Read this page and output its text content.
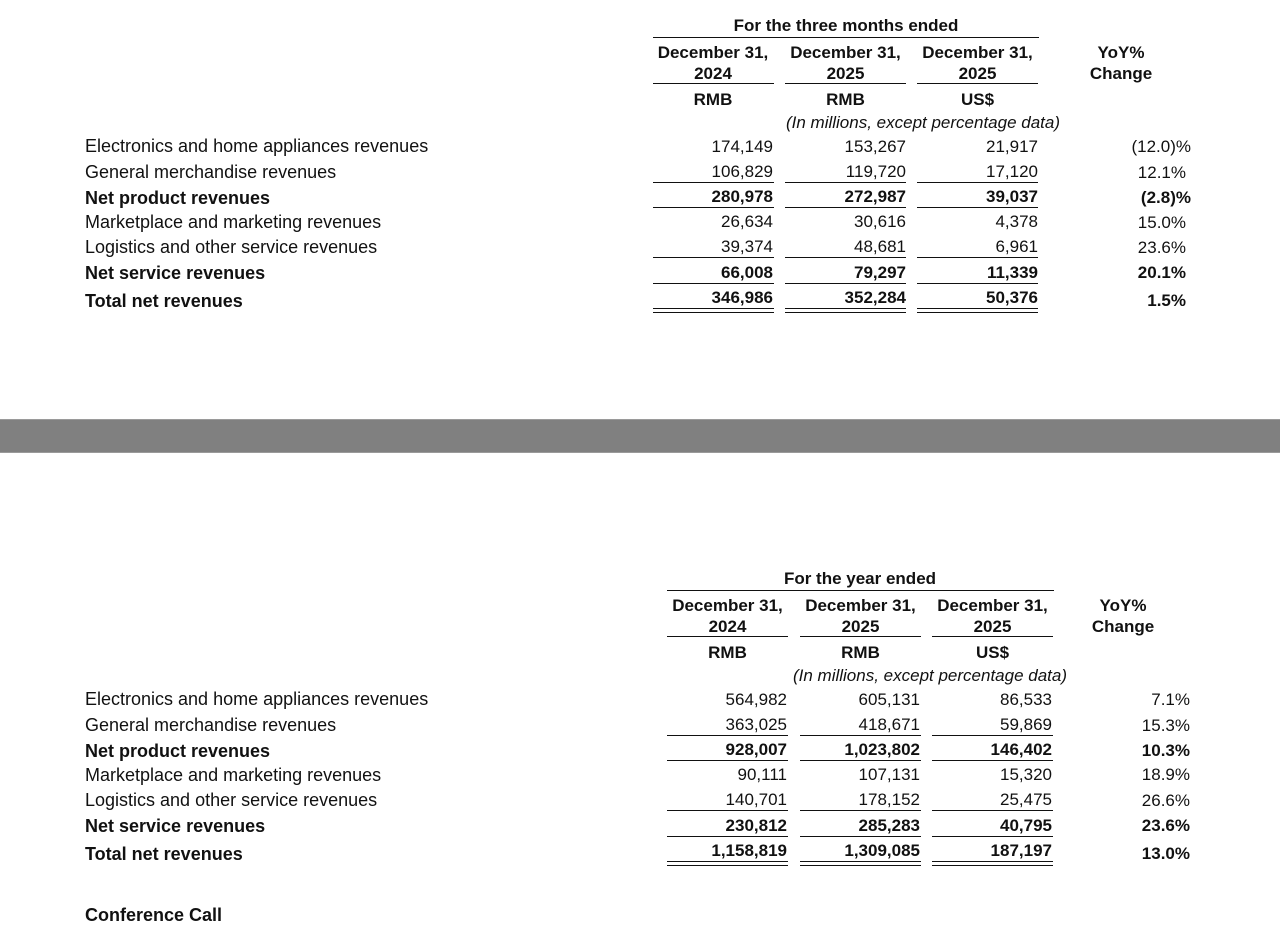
For the three months ended
December 31,
2024
December 31,
2025
December 31,
2025
YoY%
Change
RMB	RMB	US$
(In millions, except percentage data)
Electronics and home appliances revenues	174,149	153,267	21,917	(12.0)%
General merchandise revenues	106,829	119,720	17,120	12.1%
Net product revenues	280,978	272,987	39,037	(2.8)%
Marketplace and marketing revenues	26,634	30,616	4,378	15.0%
Logistics and other service revenues	39,374	48,681	6,961	23.6%
Net service revenues	66,008	79,297	11,339	20.1%
Total net revenues	346,986	352,284	50,376	1.5%
For the year ended
December 31,
2024
December 31,
2025
December 31,
2025
YoY%
Change
RMB	RMB	US$
(In millions, except percentage data)
Electronics and home appliances revenues	564,982	605,131	86,533	7.1%
General merchandise revenues	363,025	418,671	59,869	15.3%
Net product revenues	928,007	1,023,802	146,402	10.3%
Marketplace and marketing revenues	90,111	107,131	15,320	18.9%
Logistics and other service revenues	140,701	178,152	25,475	26.6%
Net service revenues	230,812	285,283	40,795	23.6%
Total net revenues	1,158,819	1,309,085	187,197	13.0%
Conference Call
